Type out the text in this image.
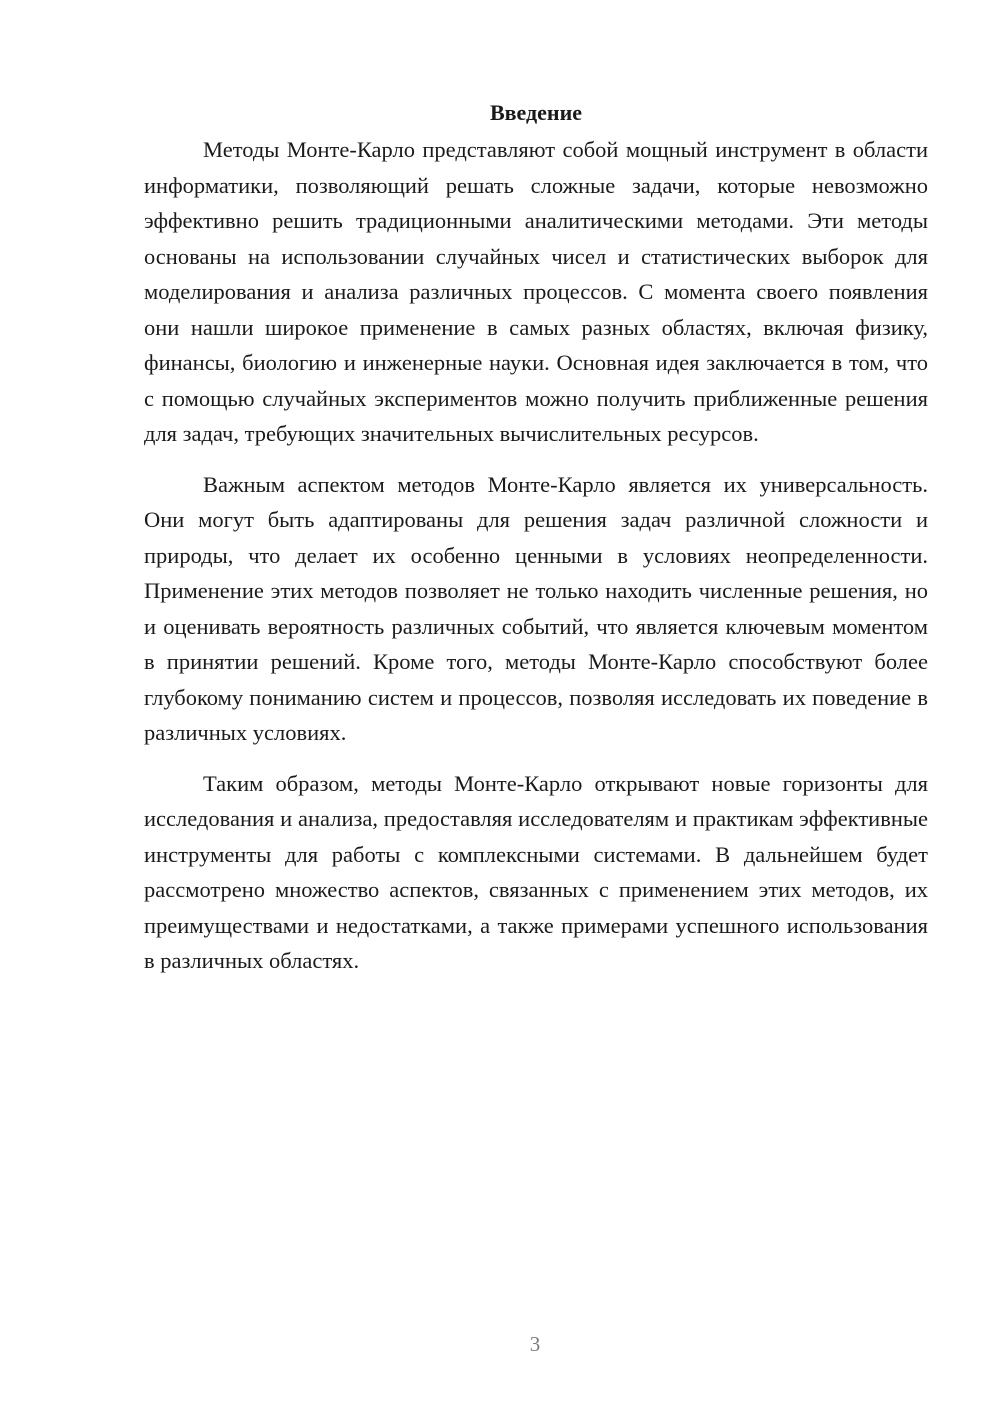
Введение

Методы Монте-Карло представляют собой мощный инструмент в области информатики, позволяющий решать сложные задачи, которые невозможно эффективно решить традиционными аналитическими методами. Эти методы основаны на использовании случайных чисел и статистических выборок для моделирования и анализа различных процессов. С момента своего появления они нашли широкое применение в самых разных областях, включая физику, финансы, биологию и инженерные науки. Основная идея заключается в том, что с помощью случайных экспериментов можно получить приближенные решения для задач, требующих значительных вычислительных ресурсов.

Важным аспектом методов Монте-Карло является их универсальность. Они могут быть адаптированы для решения задач различной сложности и природы, что делает их особенно ценными в условиях неопределенности. Применение этих методов позволяет не только находить численные решения, но и оценивать вероятность различных событий, что является ключевым моментом в принятии решений. Кроме того, методы Монте-Карло способствуют более глубокому пониманию систем и процессов, позволяя исследовать их поведение в различных условиях.

Таким образом, методы Монте-Карло открывают новые горизонты для исследования и анализа, предоставляя исследователям и практикам эффективные инструменты для работы с комплексными системами. В дальнейшем будет рассмотрено множество аспектов, связанных с применением этих методов, их преимуществами и недостатками, а также примерами успешного использования в различных областях.

3
